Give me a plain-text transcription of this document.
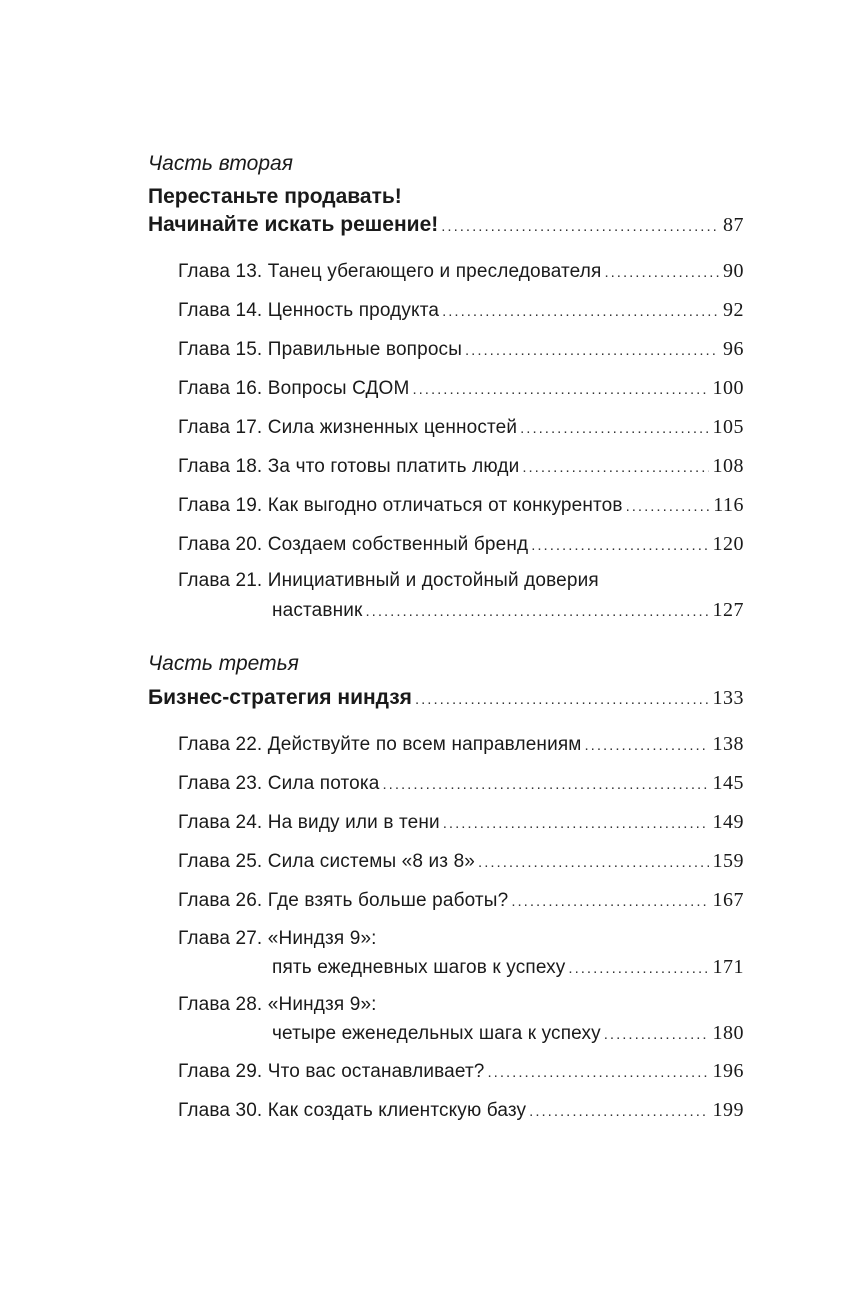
Часть вторая
Перестаньте продавать!
Начинайте искать решение! .....	87
Глава 13. Танец убегающего и преследователя .....	90
Глава 14. Ценность продукта .....	92
Глава 15. Правильные вопросы .....	96
Глава 16. Вопросы СДОМ .....	100
Глава 17. Сила жизненных ценностей .....	105
Глава 18. За что готовы платить люди .....	108
Глава 19. Как выгодно отличаться от конкурентов .....	116
Глава 20. Создаем собственный бренд .....	120
Глава 21. Инициативный и достойный доверия
наставник .....	127
Часть третья
Бизнес-стратегия ниндзя .....	133
Глава 22. Действуйте по всем направлениям .....	138
Глава 23. Сила потока .....	145
Глава 24. На виду или в тени .....	149
Глава 25. Сила системы «8 из 8» .....	159
Глава 26. Где взять больше работы? .....	167
Глава 27. «Ниндзя 9»:
пять ежедневных шагов к успеху .....	171
Глава 28. «Ниндзя 9»:
четыре еженедельных шага к успеху .....	180
Глава 29. Что вас останавливает? .....	196
Глава 30. Как создать клиентскую базу .....	199
